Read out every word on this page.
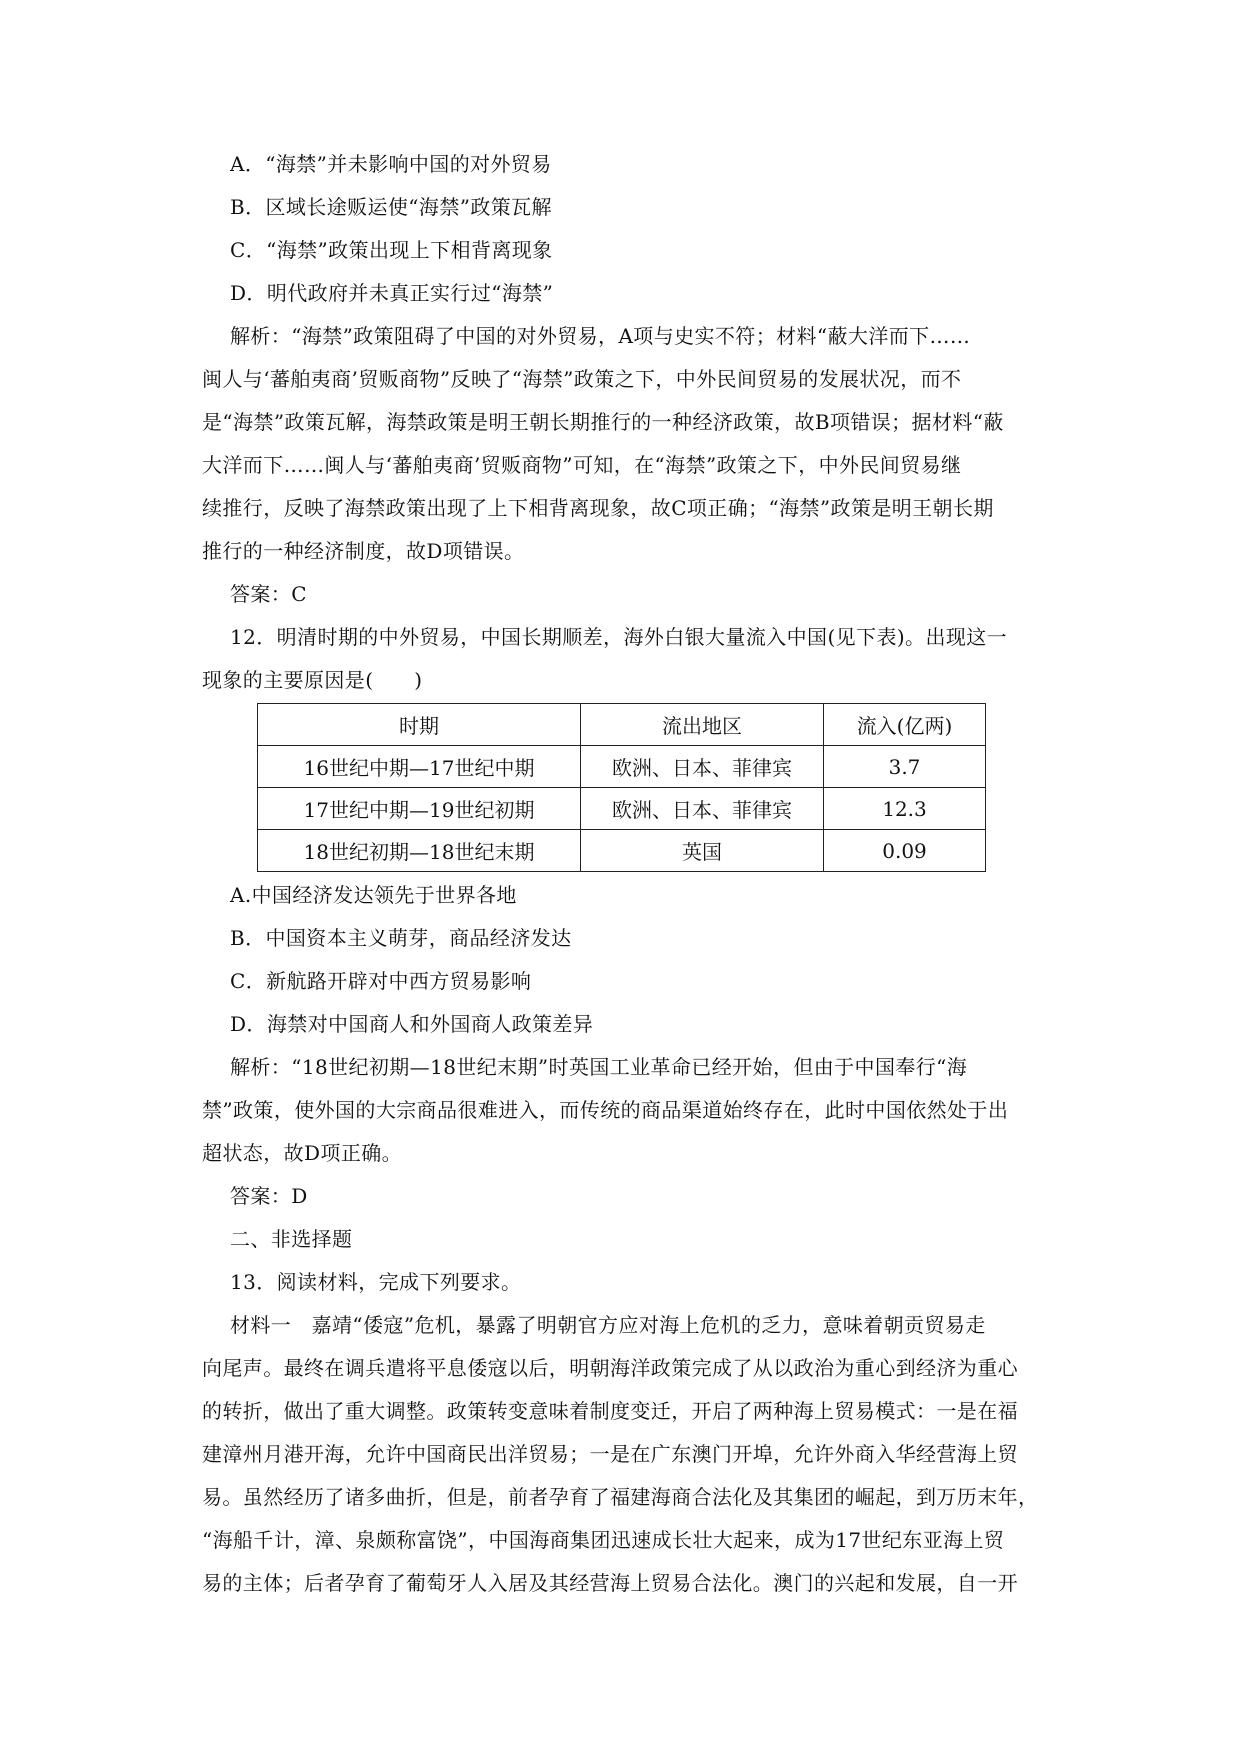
A．“海禁”并未影响中国的对外贸易
B．区域长途贩运使“海禁”政策瓦解
C．“海禁”政策出现上下相背离现象
D．明代政府并未真正实行过“海禁”
解析：“海禁”政策阻碍了中国的对外贸易，A项与史实不符；材料“蔽大洋而下……
闽人与‘蕃舶夷商’贸贩商物”反映了“海禁”政策之下，中外民间贸易的发展状况，而不
是“海禁”政策瓦解，海禁政策是明王朝长期推行的一种经济政策，故B项错误；据材料“蔽
大洋而下……闽人与‘蕃舶夷商’贸贩商物”可知，在“海禁”政策之下，中外民间贸易继
续推行，反映了海禁政策出现了上下相背离现象，故C项正确；“海禁”政策是明王朝长期
推行的一种经济制度，故D项错误。
答案：C
12．明清时期的中外贸易，中国长期顺差，海外白银大量流入中国(见下表)。出现这一
现象的主要原因是(　　)
时期	流出地区	流入(亿两)
16世纪中期—17世纪中期	欧洲、日本、菲律宾	3.7
17世纪中期—19世纪初期	欧洲、日本、菲律宾	12.3
18世纪初期—18世纪末期	英国	0.09
A.中国经济发达领先于世界各地
B．中国资本主义萌芽，商品经济发达
C．新航路开辟对中西方贸易影响
D．海禁对中国商人和外国商人政策差异
解析：“18世纪初期—18世纪末期”时英国工业革命已经开始，但由于中国奉行“海
禁”政策，使外国的大宗商品很难进入，而传统的商品渠道始终存在，此时中国依然处于出
超状态，故D项正确。
答案：D
二、非选择题
13．阅读材料，完成下列要求。
材料一　嘉靖“倭寇”危机，暴露了明朝官方应对海上危机的乏力，意味着朝贡贸易走
向尾声。最终在调兵遣将平息倭寇以后，明朝海洋政策完成了从以政治为重心到经济为重心
的转折，做出了重大调整。政策转变意味着制度变迁，开启了两种海上贸易模式：一是在福
建漳州月港开海，允许中国商民出洋贸易；一是在广东澳门开埠，允许外商入华经营海上贸
易。虽然经历了诸多曲折，但是，前者孕育了福建海商合法化及其集团的崛起，到万历末年，
“海船千计，漳、泉颇称富饶”，中国海商集团迅速成长壮大起来，成为17世纪东亚海上贸
易的主体；后者孕育了葡萄牙人入居及其经营海上贸易合法化。澳门的兴起和发展，自一开
